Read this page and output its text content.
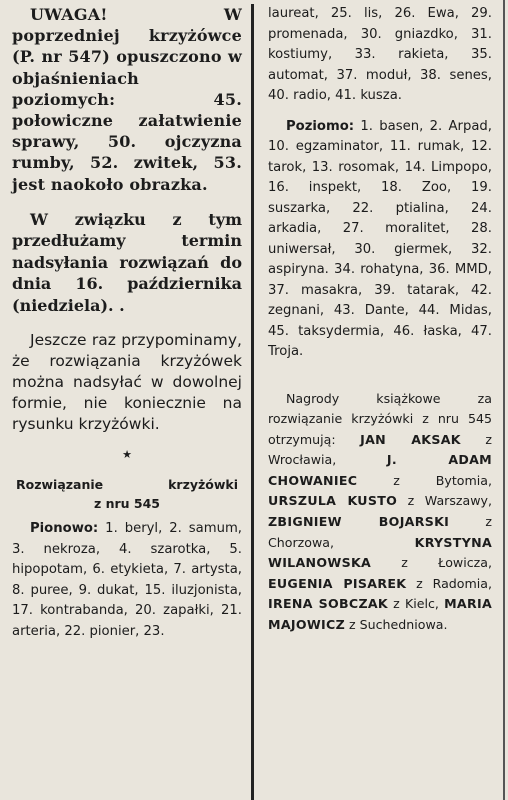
UWAGA! W poprzedniej krzyżówce (P. nr 547) opuszczono w objaśnieniach poziomych: 45. połowiczne załatwienie sprawy, 50. ojczyzna rumby, 52. zwitek, 53. jest naokoło obrazka.

W związku z tym przedłużamy termin nadsyłania rozwiązań do dnia 16. października (niedziela). .

Jeszcze raz przypominamy, że rozwiązania krzyżówek można nadsyłać w dowolnej formie, nie koniecznie na rysunku krzyżówki.

★
Rozwiązanie krzyżówki
z nru 545

Pionowo: 1. beryl, 2. samum, 3. nekroza, 4. szarotka, 5. hipopotam, 6. etykieta, 7. artysta, 8. puree, 9. dukat, 15. iluzjonista, 17. kontrabanda, 20. zapałki, 21. arteria, 22. pionier, 23.

laureat, 25. lis, 26. Ewa, 29. promenada, 30. gniazdko, 31. kostiumy, 33. rakieta, 35. automat, 37. moduł, 38. senes, 40. radio, 41. kusza.

Poziomo: 1. basen, 2. Arpad, 10. egzaminator, 11. rumak, 12. tarok, 13. rosomak, 14. Limpopo, 16. inspekt, 18. Zoo, 19. suszarka, 22. ptialina, 24. arkadia, 27. moralitet, 28. uniwersał, 30. giermek, 32. aspiryna. 34. rohatyna, 36. MMD, 37. masakra, 39. tatarak, 42. zegnani, 43. Dante, 44. Midas, 45. taksydermia, 46. łaska, 47. Troja.

Nagrody książkowe za rozwiązanie krzyżówki z nru 545 otrzymują: JAN AKSAK z Wrocławia, J. ADAM CHOWANIEC z Bytomia, URSZULA KUSTO z Warszawy, ZBIGNIEW BOJARSKI z Chorzowa, KRYSTYNA WILANOWSKA z Łowicza, EUGENIA PISAREK z Radomia, IRENA SOBCZAK z Kielc, MARIA MAJOWICZ z Suchedniowa.
